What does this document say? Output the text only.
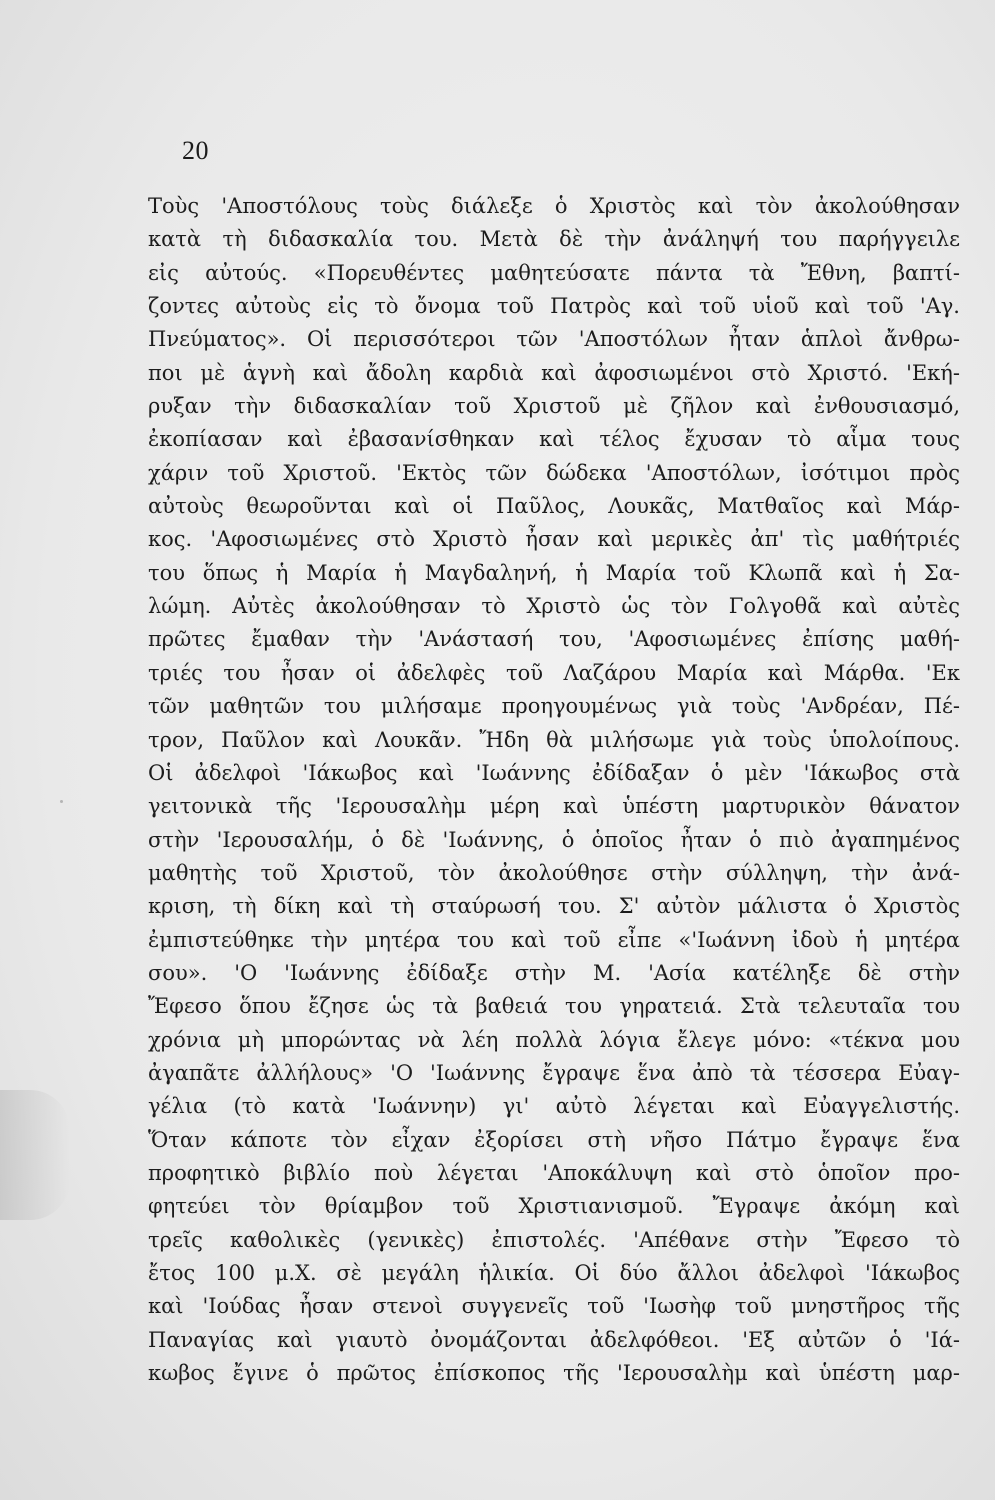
20
Τοὺς 'Αποστόλους τοὺς διάλεξε ὁ Χριστὸς καὶ τὸν ἀκολούθησαν
κατὰ τὴ διδασκαλία του. Μετὰ δὲ τὴν ἀνάληψή του παρήγγειλε
εἰς αὐτούς. «Πορευθέντες μαθητεύσατε πάντα τὰ Ἔθνη, βαπτί-
ζοντες αὐτοὺς εἰς τὸ ὄνομα τοῦ Πατρὸς καὶ τοῦ υἱοῦ καὶ τοῦ 'Αγ.
Πνεύματος». Οἱ περισσότεροι τῶν 'Αποστόλων ἦταν ἁπλοὶ ἄνθρω-
ποι μὲ ἁγνὴ καὶ ἄδολη καρδιὰ καὶ ἀφοσιωμένοι στὸ Χριστό. 'Εκή-
ρυξαν τὴν διδασκαλίαν τοῦ Χριστοῦ μὲ ζῆλον καὶ ἐνθουσιασμό,
ἐκοπίασαν καὶ ἐβασανίσθηκαν καὶ τέλος ἔχυσαν τὸ αἷμα τους
χάριν τοῦ Χριστοῦ. 'Εκτὸς τῶν δώδεκα 'Αποστόλων, ἰσότιμοι πρὸς
αὐτοὺς θεωροῦνται καὶ οἱ Παῦλος, Λουκᾶς, Ματθαῖος καὶ Μάρ-
κος. 'Αφοσιωμένες στὸ Χριστὸ ἦσαν καὶ μερικὲς ἀπ' τὶς μαθήτριές
του ὅπως ἡ Μαρία ἡ Μαγδαληνή, ἡ Μαρία τοῦ Κλωπᾶ καὶ ἡ Σα-
λώμη. Αὐτὲς ἀκολούθησαν τὸ Χριστὸ ὡς τὸν Γολγοθᾶ καὶ αὐτὲς
πρῶτες ἔμαθαν τὴν 'Ανάστασή του, 'Αφοσιωμένες ἐπίσης μαθή-
τριές του ἦσαν οἱ ἀδελφὲς τοῦ Λαζάρου Μαρία καὶ Μάρθα. 'Εκ
τῶν μαθητῶν του μιλήσαμε προηγουμένως γιὰ τοὺς 'Ανδρέαν, Πέ-
τρον, Παῦλον καὶ Λουκᾶν. Ἤδη θὰ μιλήσωμε γιὰ τοὺς ὑπολοίπους.
Οἱ ἀδελφοὶ 'Ιάκωβος καὶ 'Ιωάννης ἐδίδαξαν ὁ μὲν 'Ιάκωβος στὰ
γειτονικὰ τῆς 'Ιερουσαλὴμ μέρη καὶ ὑπέστη μαρτυρικὸν θάνατον
στὴν 'Ιερουσαλήμ, ὁ δὲ 'Ιωάννης, ὁ ὁποῖος ἦταν ὁ πιὸ ἀγαπημένος
μαθητὴς τοῦ Χριστοῦ, τὸν ἀκολούθησε στὴν σύλληψη, τὴν ἀνά-
κριση, τὴ δίκη καὶ τὴ σταύρωσή του. Σ' αὐτὸν μάλιστα ὁ Χριστὸς
ἐμπιστεύθηκε τὴν μητέρα του καὶ τοῦ εἶπε «'Ιωάννη ἰδοὺ ἡ μητέρα
σου». 'Ο 'Ιωάννης ἐδίδαξε στὴν Μ. 'Ασία κατέληξε δὲ στὴν
Ἔφεσο ὅπου ἔζησε ὡς τὰ βαθειά του γηρατειά. Στὰ τελευταῖα του
χρόνια μὴ μπορώντας νὰ λέη πολλὰ λόγια ἔλεγε μόνο: «τέκνα μου
ἀγαπᾶτε ἀλλήλους» 'Ο 'Ιωάννης ἔγραψε ἕνα ἀπὸ τὰ τέσσερα Εὐαγ-
γέλια (τὸ κατὰ 'Ιωάννην) γι' αὐτὸ λέγεται καὶ Εὐαγγελιστής.
Ὅταν κάποτε τὸν εἶχαν ἐξορίσει στὴ νῆσο Πάτμο ἔγραψε ἕνα
προφητικὸ βιβλίο ποὺ λέγεται 'Αποκάλυψη καὶ στὸ ὁποῖον προ-
φητεύει τὸν θρίαμβον τοῦ Χριστιανισμοῦ. Ἔγραψε ἀκόμη καὶ
τρεῖς καθολικὲς (γενικὲς) ἐπιστολές. 'Απέθανε στὴν Ἔφεσο τὸ
ἔτος 100 μ.Χ. σὲ μεγάλη ἡλικία. Οἱ δύο ἄλλοι ἀδελφοὶ 'Ιάκωβος
καὶ 'Ιούδας ἦσαν στενοὶ συγγενεῖς τοῦ 'Ιωσὴφ τοῦ μνηστῆρος τῆς
Παναγίας καὶ γιαυτὸ ὀνομάζονται ἀδελφόθεοι. 'Εξ αὐτῶν ὁ 'Ιά-
κωβος ἔγινε ὁ πρῶτος ἐπίσκοπος τῆς 'Ιερουσαλὴμ καὶ ὑπέστη μαρ-
